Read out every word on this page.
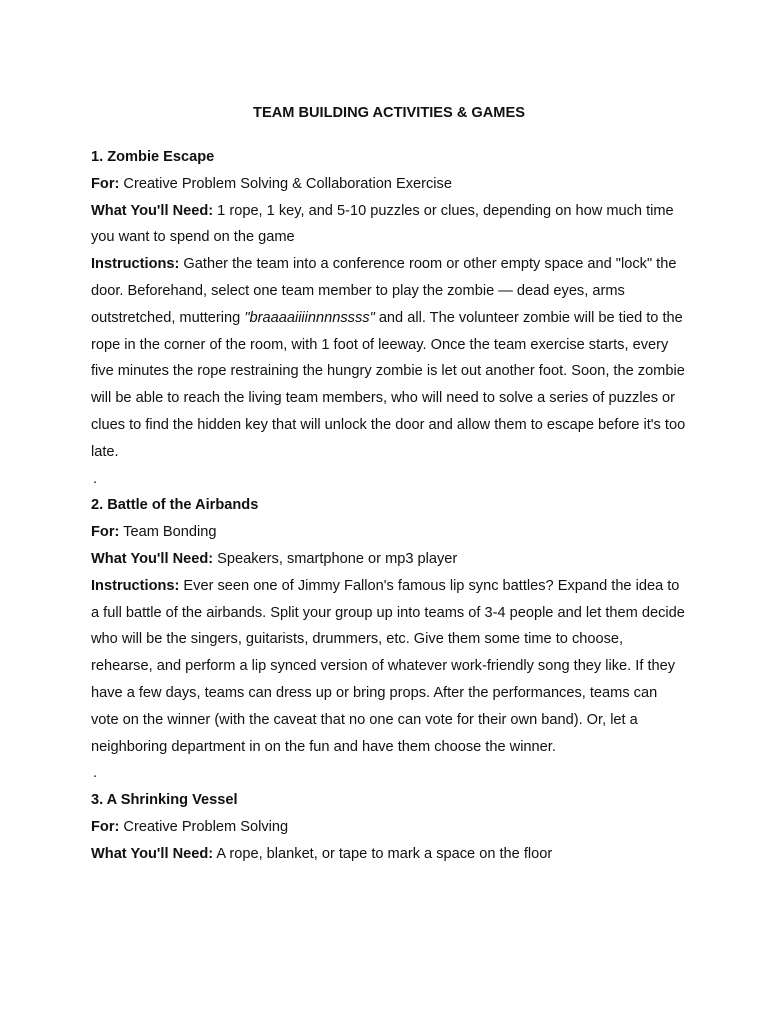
TEAM BUILDING ACTIVITIES & GAMES

1. Zombie Escape

For: Creative Problem Solving & Collaboration Exercise

What You'll Need: 1 rope, 1 key, and 5-10 puzzles or clues, depending on how much time you want to spend on the game

Instructions: Gather the team into a conference room or other empty space and "lock" the door. Beforehand, select one team member to play the zombie — dead eyes, arms outstretched, muttering "braaaaiiiinnnnssss" and all. The volunteer zombie will be tied to the rope in the corner of the room, with 1 foot of leeway. Once the team exercise starts, every five minutes the rope restraining the hungry zombie is let out another foot. Soon, the zombie will be able to reach the living team members, who will need to solve a series of puzzles or clues to find the hidden key that will unlock the door and allow them to escape before it's too late.

.

2. Battle of the Airbands

For: Team Bonding

What You'll Need: Speakers, smartphone or mp3 player

Instructions: Ever seen one of Jimmy Fallon's famous lip sync battles? Expand the idea to a full battle of the airbands. Split your group up into teams of 3-4 people and let them decide who will be the singers, guitarists, drummers, etc. Give them some time to choose, rehearse, and perform a lip synced version of whatever work-friendly song they like. If they have a few days, teams can dress up or bring props. After the performances, teams can vote on the winner (with the caveat that no one can vote for their own band). Or, let a neighboring department in on the fun and have them choose the winner.

.

3. A Shrinking Vessel

For: Creative Problem Solving

What You'll Need: A rope, blanket, or tape to mark a space on the floor
